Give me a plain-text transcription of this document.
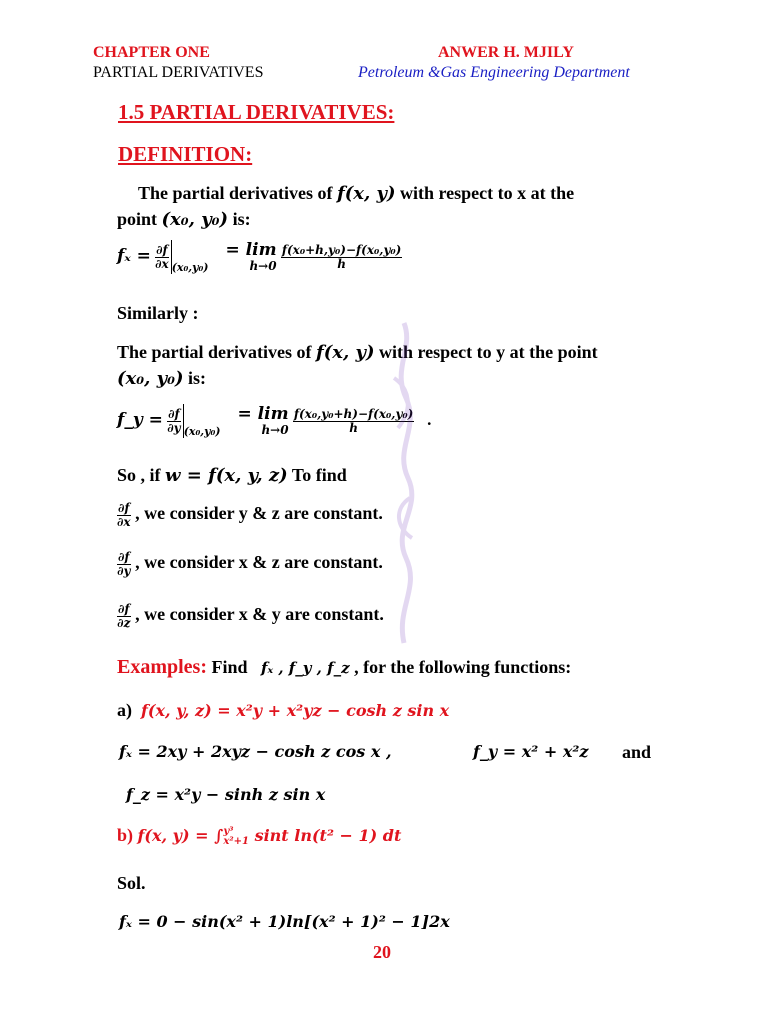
CHAPTER ONE
PARTIAL DERIVATIVES
ANWER H. MJILY
Petroleum &Gas Engineering Department
1.5 PARTIAL DERIVATIVES:
DEFINITION:
The partial derivatives of f(x, y) with respect to x at the
point (x₀, y₀) is:
$f_x = \frac{\partial f}{\partial x} _{(x_0,y_0)}$
= lim
h→0
$\frac{\text{f(x₀+h,y₀)−f(x₀,y₀)}}{h}$
Similarly :
The partial derivatives of f(x, y) with respect to y at the point
(x₀, y₀) is:
f_y = $\frac{\partial f}{\partial y} _{(x_0,y_0)}$
= lim
h→0
$\frac{\text{f(x₀,y₀+h)−f(x₀,y₀)}}{h}$ .
So , if w = f(x, y, z) To find
$\frac{\partial f}{\partial x}$ , we consider y & z are constant.
$\frac{\partial f}{\partial y}$ , we consider x & z are constant.
$\frac{\partial f}{\partial z}$ , we consider x & y are constant.
Examples: Find   fₓ , f_y , f_z , for the following functions:
a) f(x, y, z) = x²y + x²yz − cosh z sin x
fₓ = 2xy + 2xyz − cosh z cos x ,	f_y = x² + x²z and
f_z = x²y − sinh z sin x
b) f(x, y) = ∫ y³
x²+1 sint ln(t² − 1) dt
Sol.
fₓ = 0 − sin(x² + 1)ln[(x² + 1)² − 1]2x
20
